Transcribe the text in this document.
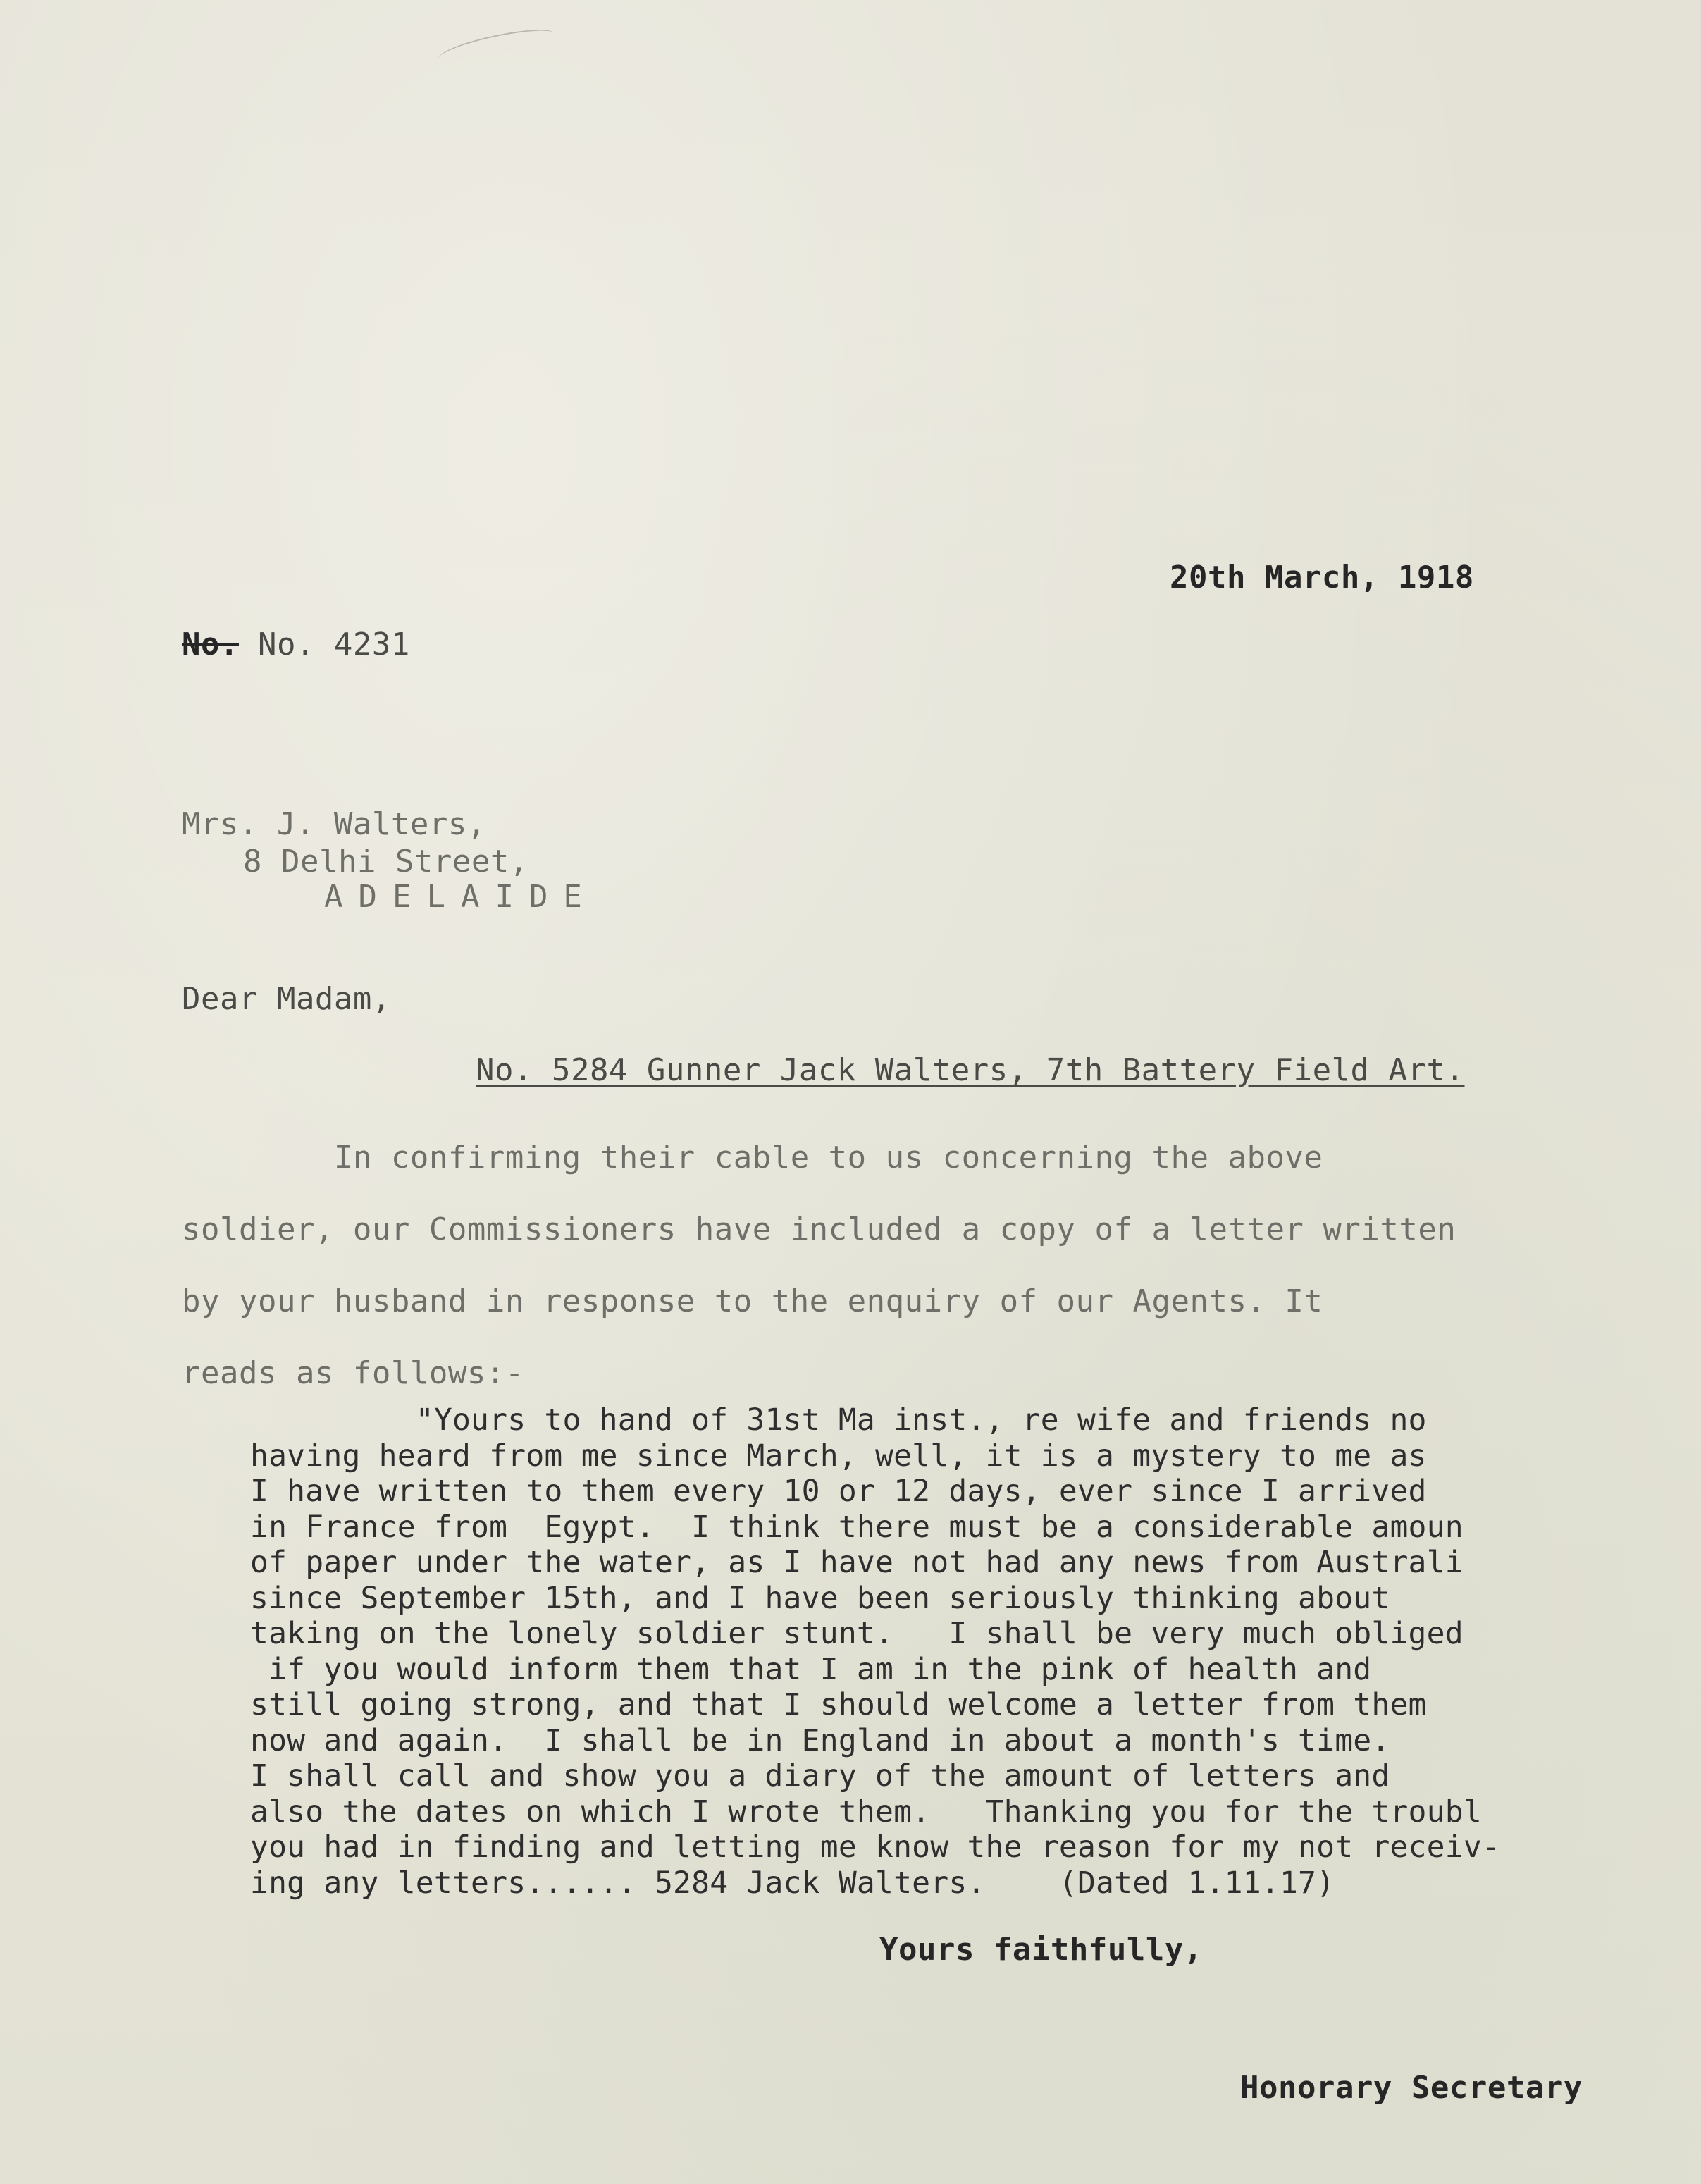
20th March, 1918
No. No. 4231
Mrs. J. Walters,
8 Delhi Street,
ADELAIDE
Dear Madam,
No. 5284 Gunner Jack Walters, 7th Battery Field Art.
In confirming their cable to us concerning the above
soldier, our Commissioners have included a copy of a letter written
by your husband in response to the enquiry of our Agents. It
reads as follows:-
"Yours to hand of 31st Ma inst., re wife and friends no
having heard from me since March, well, it is a mystery to me as
I have written to them every 10 or 12 days, ever since I arrived
in France from  Egypt.  I think there must be a considerable amoun
of paper under the water, as I have not had any news from Australi
since September 15th, and I have been seriously thinking about
taking on the lonely soldier stunt.   I shall be very much obliged
if you would inform them that I am in the pink of health and
still going strong, and that I should welcome a letter from them
now and again.  I shall be in England in about a month's time.
I shall call and show you a diary of the amount of letters and
also the dates on which I wrote them.   Thanking you for the troubl
you had in finding and letting me know the reason for my not receiv-
ing any letters...... 5284 Jack Walters.    (Dated 1.11.17)
Yours faithfully,
Honorary Secretary
